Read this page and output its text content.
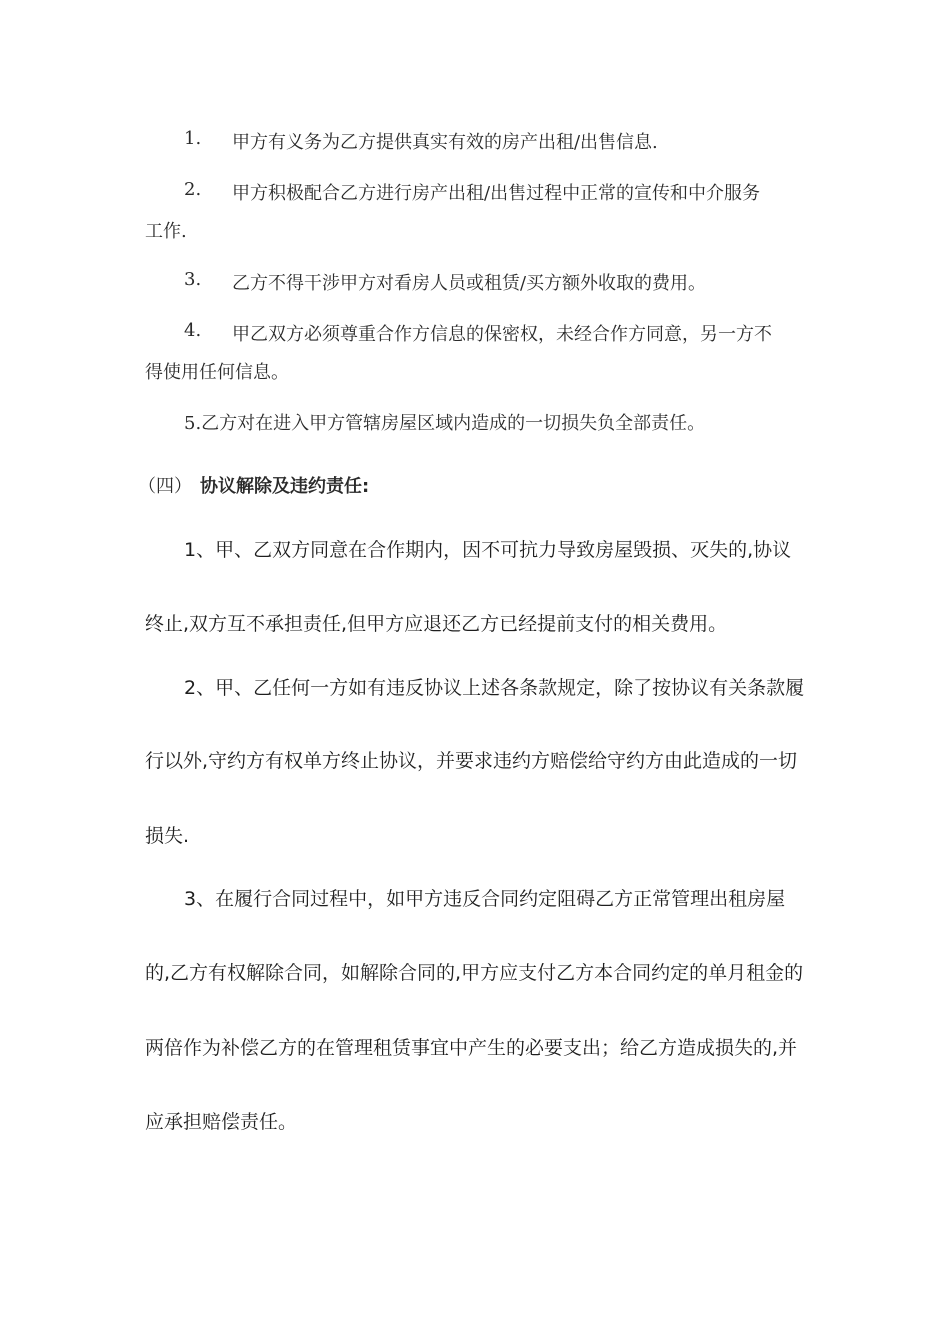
1. 甲方有义务为乙方提供真实有效的房产出租/出售信息.
2. 甲方积极配合乙方进行房产出租/出售过程中正常的宣传和中介服务
工作.
3. 乙方不得干涉甲方对看房人员或租赁/买方额外收取的费用。
4. 甲乙双方必须尊重合作方信息的保密权，未经合作方同意，另一方不
得使用任何信息。
5.乙方对在进入甲方管辖房屋区域内造成的一切损失负全部责任。
（四） 协议解除及违约责任:
1、甲、乙双方同意在合作期内，因不可抗力导致房屋毁损、灭失的,协议
终止,双方互不承担责任,但甲方应退还乙方已经提前支付的相关费用。
2、甲、乙任何一方如有违反协议上述各条款规定，除了按协议有关条款履
行以外,守约方有权单方终止协议，并要求违约方赔偿给守约方由此造成的一切
损失.
3、在履行合同过程中，如甲方违反合同约定阻碍乙方正常管理出租房屋
的,乙方有权解除合同，如解除合同的,甲方应支付乙方本合同约定的单月租金的
两倍作为补偿乙方的在管理租赁事宜中产生的必要支出；给乙方造成损失的,并
应承担赔偿责任。
